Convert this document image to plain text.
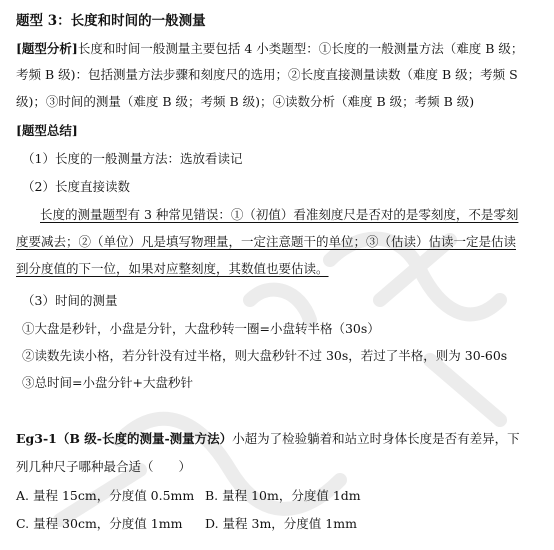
题型 3：长度和时间的一般测量
[题型分析]长度和时间一般测量主要包括 4 小类题型：①长度的一般测量方法（难度 B 级；
考频 B 级)：包括测量方法步骤和刻度尺的选用；②长度直接测量读数（难度 B 级；考频 S
级)；③时间的测量（难度 B 级；考频 B 级)；④读数分析（难度 B 级；考频 B 级)
[题型总结]
（1）长度的一般测量方法：选放看读记
（2）长度直接读数
长度的测量题型有 3 种常见错误：①（初值）看准刻度尺是否对的是零刻度，不是零刻
度要减去；②（单位）凡是填写物理量，一定注意题干的单位；③（估读）估读一定是估读
到分度值的下一位，如果对应整刻度，其数值也要估读。
（3）时间的测量
①大盘是秒针，小盘是分针，大盘秒转一圈=小盘转半格（30s）
②读数先读小格，若分针没有过半格，则大盘秒针不过 30s，若过了半格，则为 30-60s
③总时间=小盘分针+大盘秒针
Eg3-1（B 级-长度的测量-测量方法）小超为了检验躺着和站立时身体长度是否有差异，下
列几种尺子哪种最合适（　　）
A. 量程 15cm，分度值 0.5mm B. 量程 10m，分度值 1dm
C. 量程 30cm，分度值 1mm D. 量程 3m，分度值 1mm
